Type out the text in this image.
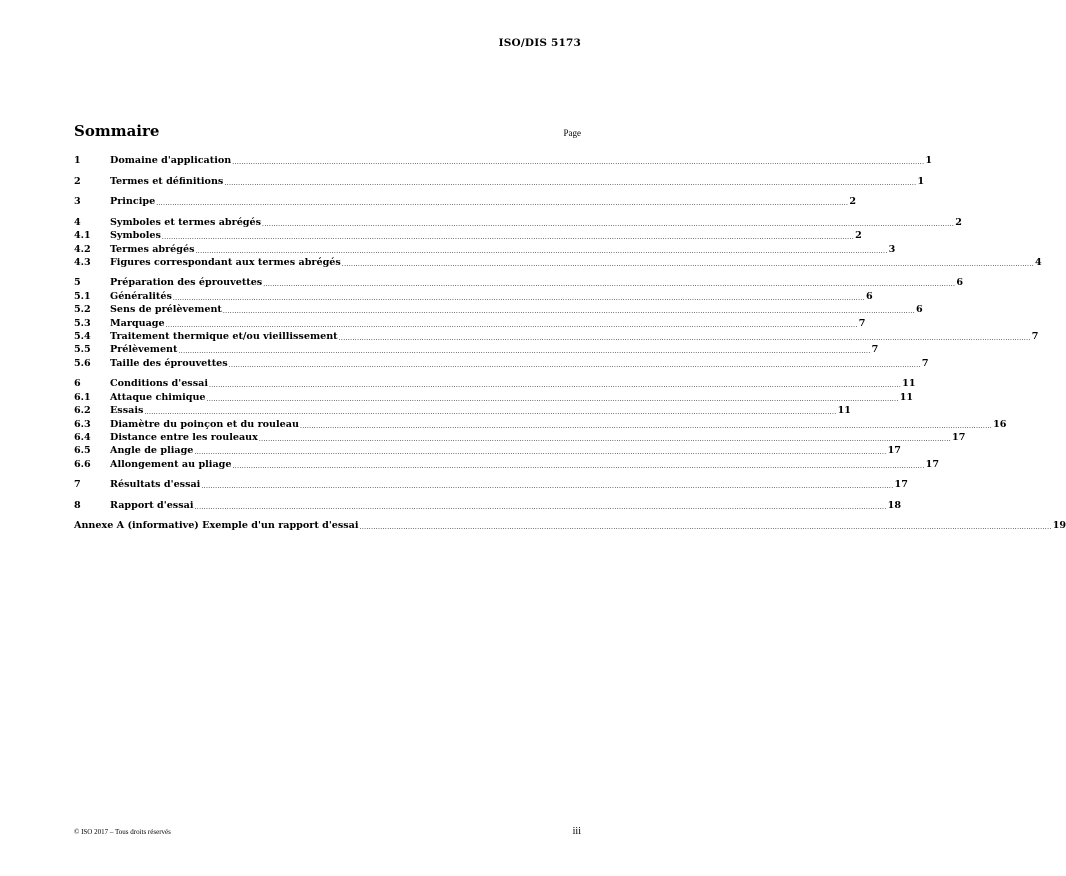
ISO/DIS 5173
Sommaire	Page
1	Domaine d'application ............................................................................................................................................................................................................................................................................................................ 1
2	Termes et définitions ............................................................................................................................................................................................................................................................................................................ 1
3	Principe ............................................................................................................................................................................................................................................................................................................ 2
4	Symboles et termes abrégés ............................................................................................................................................................................................................................................................................................................ 2
4.1	Symboles ............................................................................................................................................................................................................................................................................................................ 2
4.2	Termes abrégés ............................................................................................................................................................................................................................................................................................................ 3
4.3	Figures correspondant aux termes abrégés ............................................................................................................................................................................................................................................................................................................ 4
5	Préparation des éprouvettes ............................................................................................................................................................................................................................................................................................................ 6
5.1	Généralités ............................................................................................................................................................................................................................................................................................................ 6
5.2	Sens de prélèvement ............................................................................................................................................................................................................................................................................................................ 6
5.3	Marquage ............................................................................................................................................................................................................................................................................................................ 7
5.4	Traitement thermique et/ou vieillissement ............................................................................................................................................................................................................................................................................................................ 7
5.5	Prélèvement ............................................................................................................................................................................................................................................................................................................ 7
5.6	Taille des éprouvettes ............................................................................................................................................................................................................................................................................................................ 7
6	Conditions d'essai ............................................................................................................................................................................................................................................................................................................ 11
6.1	Attaque chimique ............................................................................................................................................................................................................................................................................................................ 11
6.2	Essais ............................................................................................................................................................................................................................................................................................................ 11
6.3	Diamètre du poinçon et du rouleau ............................................................................................................................................................................................................................................................................................................ 16
6.4	Distance entre les rouleaux ............................................................................................................................................................................................................................................................................................................ 17
6.5	Angle de pliage ............................................................................................................................................................................................................................................................................................................ 17
6.6	Allongement au pliage ............................................................................................................................................................................................................................................................................................................ 17
7	Résultats d'essai ............................................................................................................................................................................................................................................................................................................ 17
8	Rapport d'essai ............................................................................................................................................................................................................................................................................................................ 18
Annexe A (informative) Exemple d'un rapport d'essai ............................................................................................................................................................................................................................................................................................................ 19
© ISO 2017 – Tous droits réservés	iii
